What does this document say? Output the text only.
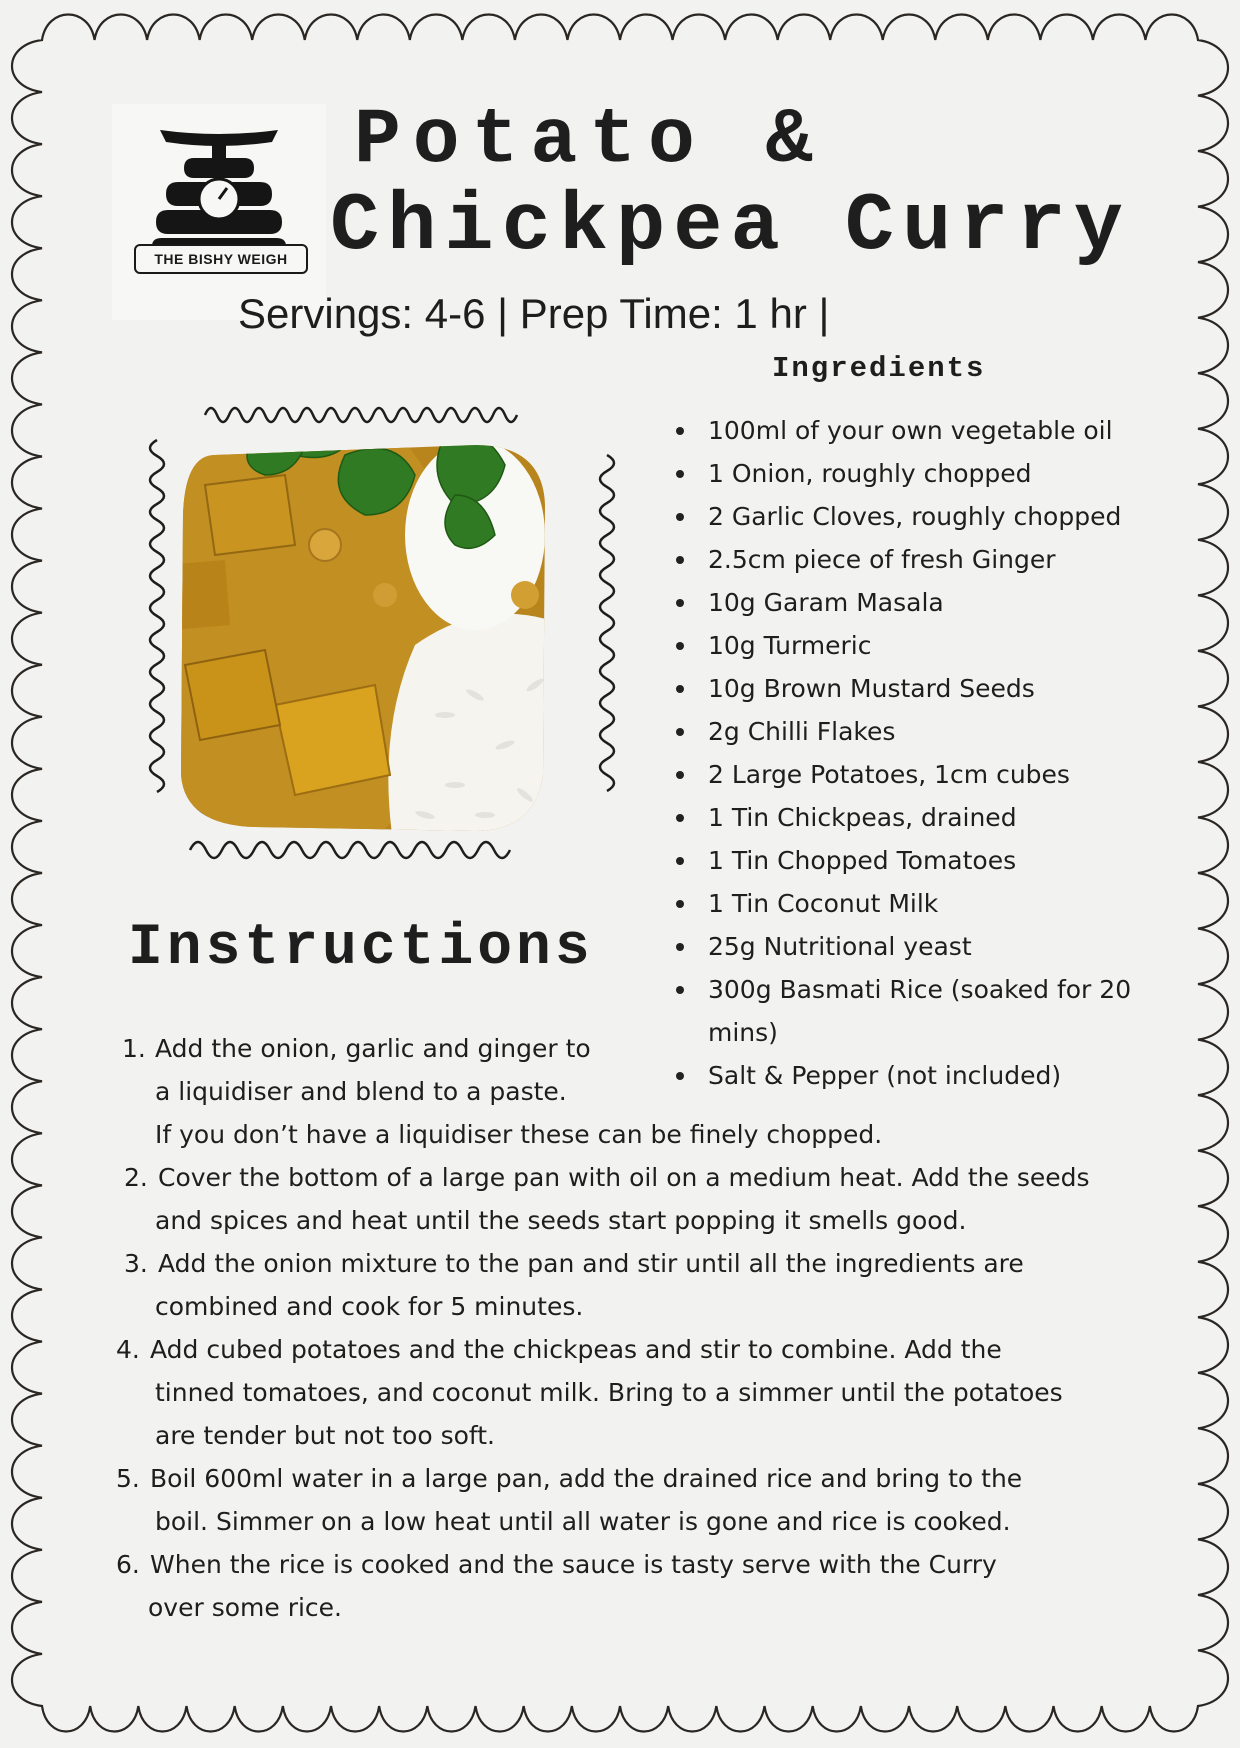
THE BISHY WEIGH
Potato &
Chickpea Curry
Servings: 4-6 | Prep Time: 1 hr |
Ingredients
100ml of your own vegetable oil
1 Onion, roughly chopped
2 Garlic Cloves, roughly chopped
2.5cm piece of fresh Ginger
10g Garam Masala
10g Turmeric
10g Brown Mustard Seeds
2g Chilli Flakes
2 Large Potatoes, 1cm cubes
1 Tin Chickpeas, drained
1 Tin Chopped Tomatoes
1 Tin Coconut Milk
25g Nutritional yeast
300g Basmati Rice (soaked for 20 mins)
Salt & Pepper (not included)
Instructions
1. Add the onion, garlic and ginger to
a liquidiser and blend to a paste.
If you don’t have a liquidiser these can be finely chopped.
2. Cover the bottom of a large pan with oil on a medium heat. Add the seeds
and spices and heat until the seeds start popping it smells good.
3. Add the onion mixture to the pan and stir until all the ingredients are
combined and cook for 5 minutes.
4. Add cubed potatoes and the chickpeas and stir to combine. Add the
tinned tomatoes, and coconut milk. Bring to a simmer until the potatoes
are tender but not too soft.
5. Boil 600ml water in a large pan, add the drained rice and bring to the
boil. Simmer on a low heat until all water is gone and rice is cooked.
6. When the rice is cooked and the sauce is tasty serve with the Curry
over some rice.
